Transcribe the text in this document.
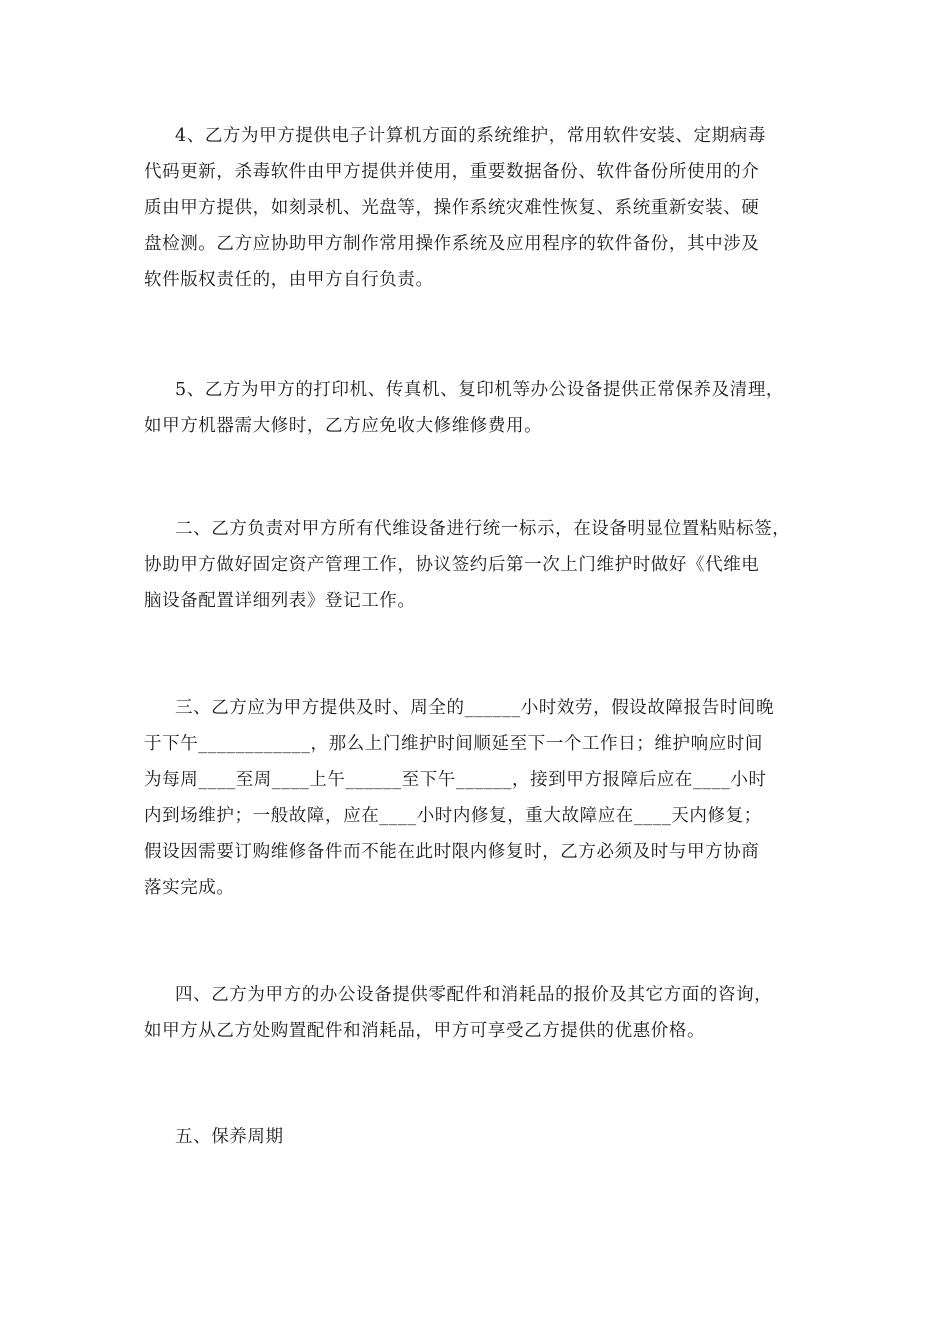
4、乙方为甲方提供电子计算机方面的系统维护，常用软件安装、定期病毒
代码更新，杀毒软件由甲方提供并使用，重要数据备份、软件备份所使用的介
质由甲方提供，如刻录机、光盘等，操作系统灾难性恢复、系统重新安装、硬
盘检测。乙方应协助甲方制作常用操作系统及应用程序的软件备份，其中涉及
软件版权责任的，由甲方自行负责。
5、乙方为甲方的打印机、传真机、复印机等办公设备提供正常保养及清理，
如甲方机器需大修时，乙方应免收大修维修费用。
二、乙方负责对甲方所有代维设备进行统一标示，在设备明显位置粘贴标签，
协助甲方做好固定资产管理工作，协议签约后第一次上门维护时做好《代维电
脑设备配置详细列表》登记工作。
三、乙方应为甲方提供及时、周全的______小时效劳，假设故障报告时间晚
于下午____________，那么上门维护时间顺延至下一个工作日；维护响应时间
为每周____至周____上午______至下午______，接到甲方报障后应在____小时
内到场维护；一般故障，应在____小时内修复，重大故障应在____天内修复；
假设因需要订购维修备件而不能在此时限内修复时，乙方必须及时与甲方协商
落实完成。
四、乙方为甲方的办公设备提供零配件和消耗品的报价及其它方面的咨询，
如甲方从乙方处购置配件和消耗品，甲方可享受乙方提供的优惠价格。
五、保养周期
